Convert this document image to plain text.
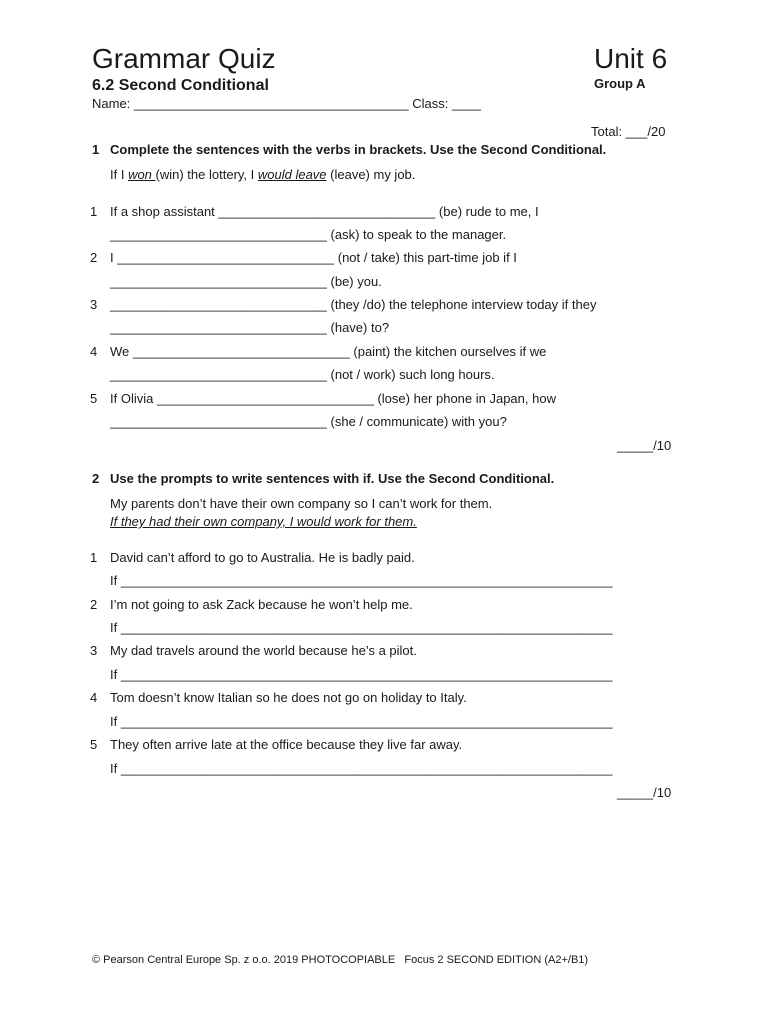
Grammar Quiz	Unit 6
6.2 Second Conditional	Group A
Name: ______________________________________ Class: ____
Total: ___/20
1 Complete the sentences with the verbs in brackets. Use the Second Conditional.
If I won (win) the lottery, I would leave (leave) my job.
1 If a shop assistant ______________________________ (be) rude to me, I
______________________________ (ask) to speak to the manager.
2 I ______________________________ (not / take) this part-time job if I
______________________________ (be) you.
3 ______________________________ (they /do) the telephone interview today if they
______________________________ (have) to?
4 We ______________________________ (paint) the kitchen ourselves if we
______________________________ (not / work) such long hours.
5 If Olivia ______________________________ (lose) her phone in Japan, how
______________________________ (she / communicate) with you?
_____/10
2 Use the prompts to write sentences with if. Use the Second Conditional.
My parents don’t have their own company so I can’t work for them.
If they had their own company, I would work for them.
1 David can’t afford to go to Australia. He is badly paid.
If ____________________________________________________________________
2 I’m not going to ask Zack because he won’t help me.
If ____________________________________________________________________
3 My dad travels around the world because he’s a pilot.
If ____________________________________________________________________
4 Tom doesn’t know Italian so he does not go on holiday to Italy.
If ____________________________________________________________________
5 They often arrive late at the office because they live far away.
If ____________________________________________________________________
_____/10
© Pearson Central Europe Sp. z o.o. 2019 PHOTOCOPIABLE   Focus 2 SECOND EDITION (A2+/B1)
